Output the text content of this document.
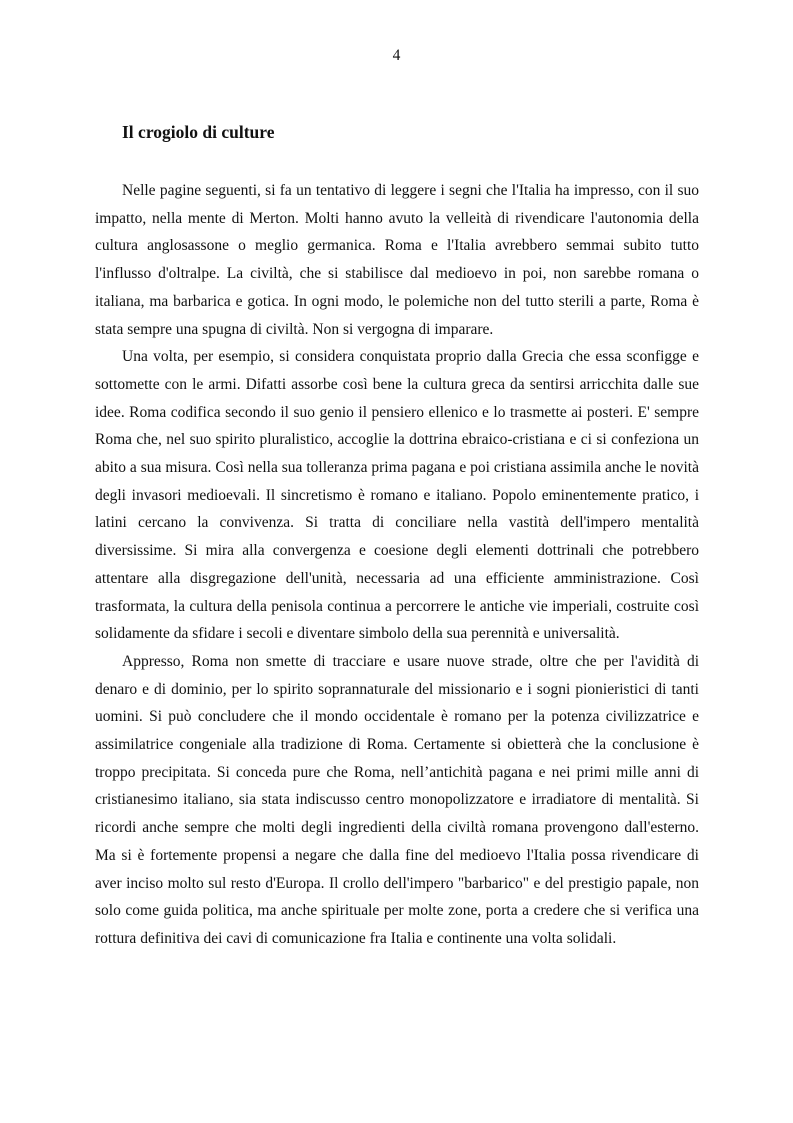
4
Il crogiolo di culture

Nelle pagine seguenti, si fa un tentativo di leggere i segni che l'Italia ha impresso, con il suo impatto, nella mente di Merton. Molti hanno avuto la velleità di rivendicare l'autonomia della cultura anglosassone o meglio germanica. Roma e l'Italia avrebbero semmai subito tutto l'influsso d'oltralpe. La civiltà, che si stabilisce dal medioevo in poi, non sarebbe romana o italiana, ma barbarica e gotica. In ogni modo, le polemiche non del tutto sterili a parte, Roma è stata sempre una spugna di civiltà. Non si vergogna di imparare.

Una volta, per esempio, si considera conquistata proprio dalla Grecia che essa sconfigge e sottomette con le armi. Difatti assorbe così bene la cultura greca da sentirsi arricchita dalle sue idee. Roma codifica secondo il suo genio il pensiero ellenico e lo trasmette ai posteri. E' sempre Roma che, nel suo spirito pluralistico, accoglie la dottrina ebraico-cristiana e ci si confeziona un abito a sua misura. Così nella sua tolleranza prima pagana e poi cristiana assimila anche le novità degli invasori medioevali. Il sincretismo è romano e italiano. Popolo eminentemente pratico, i latini cercano la convivenza. Si tratta di conciliare nella vastità dell'impero mentalità diversissime. Si mira alla convergenza e coesione degli elementi dottrinali che potrebbero attentare alla disgregazione dell'unità, necessaria ad una efficiente amministrazione. Così trasformata, la cultura della penisola continua a percorrere le antiche vie imperiali, costruite così solidamente da sfidare i secoli e diventare simbolo della sua perennità e universalità.

Appresso, Roma non smette di tracciare e usare nuove strade, oltre che per l'avidità di denaro e di dominio, per lo spirito soprannaturale del missionario e i sogni pionieristici di tanti uomini. Si può concludere che il mondo occidentale è romano per la potenza civilizzatrice e assimilatrice congeniale alla tradizione di Roma. Certamente si obietterà che la conclusione è troppo precipitata. Si conceda pure che Roma, nell’antichità pagana e nei primi mille anni di cristianesimo italiano, sia stata indiscusso centro monopolizzatore e irradiatore di mentalità. Si ricordi anche sempre che molti degli ingredienti della civiltà romana provengono dall'esterno. Ma si è fortemente propensi a negare che dalla fine del medioevo l'Italia possa rivendicare di aver inciso molto sul resto d'Europa. Il crollo dell'impero "barbarico" e del prestigio papale, non solo come guida politica, ma anche spirituale per molte zone, porta a credere che si verifica una rottura definitiva dei cavi di comunicazione fra Italia e continente una volta solidali.
